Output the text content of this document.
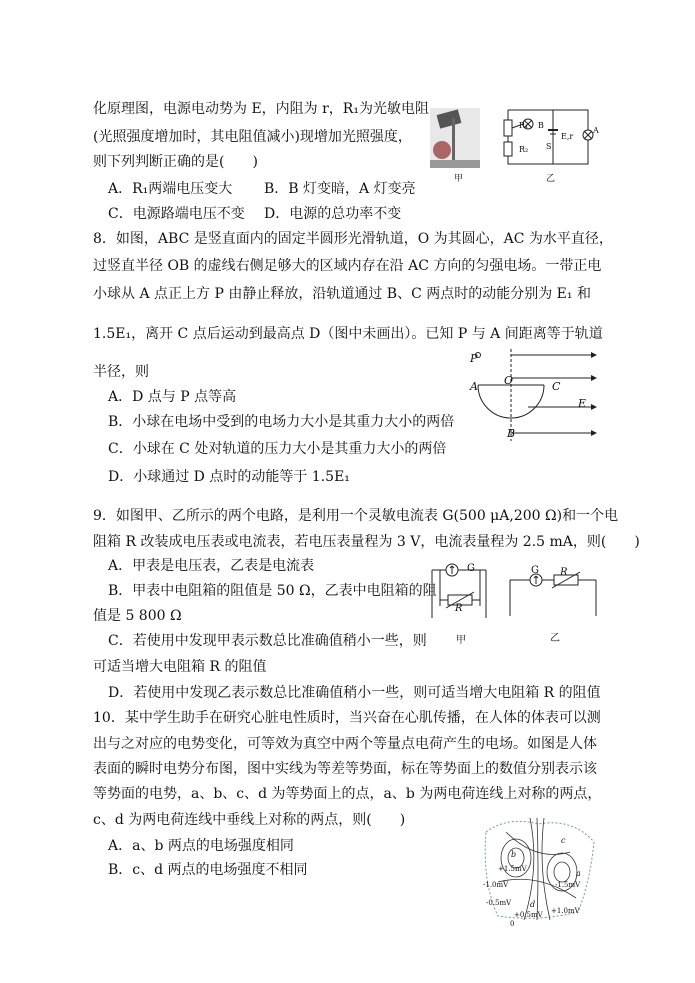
化原理图，电源电动势为 E，内阻为 r，R₁为光敏电阻
(光照强度增加时，其电阻值减小)现增加光照强度，
则下列判断正确的是(　　)
A．R₁两端电压变大 B．B 灯变暗，A 灯变亮
C．电源路端电压不变 D．电源的总功率不变
甲
R₁
R₂
E,r
S
B
A
乙
8．如图，ABC 是竖直面内的固定半圆形光滑轨道，O 为其圆心，AC 为水平直径，
过竖直半径 OB 的虚线右侧足够大的区域内存在沿 AC 方向的匀强电场。一带正电
小球从 A 点正上方 P 由静止释放，沿轨道通过 B、C 两点时的动能分别为 E₁ 和
1.5E₁，离开 C 点后运动到最高点 D（图中未画出）。已知 P 与 A 间距离等于轨道
半径，则
A．D 点与 P 点等高
B．小球在电场中受到的电场力大小是其重力大小的两倍
C．小球在 C 处对轨道的压力大小是其重力大小的两倍
D．小球通过 D 点时的动能等于 1.5E₁
P
A O	C
E
B
9．如图甲、乙所示的两个电路，是利用一个灵敏电流表 G(500 μA,200 Ω)和一个电
阻箱 R 改装成电压表或电流表，若电压表量程为 3 V，电流表量程为 2.5 mA，则(　　)
A．甲表是电压表，乙表是电流表
B．甲表中电阻箱的阻值是 50 Ω，乙表中电阻箱的阻
值是 5 800 Ω
C．若使用中发现甲表示数总比准确值稍小一些，则
可适当增大电阻箱 R 的阻值
D．若使用中发现乙表示数总比准确值稍小一些，则可适当增大电阻箱 R 的阻值
G
R
甲
G R
乙
10．某中学生助手在研究心脏电性质时，当兴奋在心肌传播，在人体的体表可以测
出与之对应的电势变化，可等效为真空中两个等量点电荷产生的电场。如图是人体
表面的瞬时电势分布图，图中实线为等差等势面，标在等势面上的数值分别表示该
等势面的电势，a、b、c、d 为等势面上的点，a、b 为两电荷连线上对称的两点，
c、d 为两电荷连线中垂线上对称的两点，则(　　)
A．a、b 两点的电场强度相同
B．c、d 两点的电场强度不相同	+1.5mV
-1.5mV
-1.0mV
-0.5mV
+0.5mV +1.0mV
0
a
b
c
d
